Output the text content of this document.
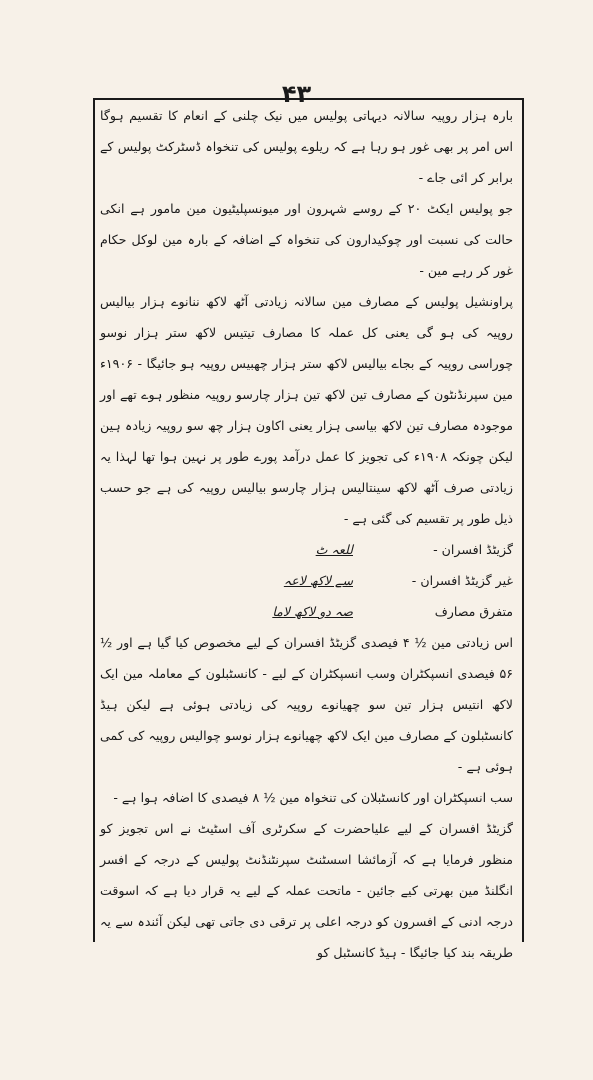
۴۳

بارہ ہزار روپیہ سالانہ دیہاتی پولیس میں نیک چلنی کے انعام کا تقسیم ہوگا اس امر پر بھی غور ہو رہا ہے کہ ریلوے پولیس کی تنخواہ ڈسٹرکٹ پولیس کے برابر کر ائی جاے -

جو پولیس ایکٹ ۲۰ کے روسے شہرون اور میونسپلیٹیون مین مامور ہے انکی حالت کی نسبت اور چوکیدارون کی تنخواہ کے اضافہ کے بارہ مین لوکل حکام غور کر رہے مین -

پراونشیل پولیس کے مصارف مین سالانہ زیادتی آٹھ لاکھ ننانوے ہزار بیالیس روپیہ کی ہو گی یعنی کل عملہ کا مصارف تیتیس لاکھ ستر ہزار نوسو چوراسی روپیہ کے بجاے بیالیس لاکھ ستر ہزار چھبیس روپیہ ہو جائیگا - ۱۹۰۶ء مین سپرنڈنٹون کے مصارف تین لاکھ تین ہزار چارسو روپیہ منظور ہوے تھے اور موجودہ مصارف تین لاکھ بیاسی ہزار یعنی اکاون ہزار چھ سو روپیہ زیادہ ہین لیکن چونکہ ۱۹۰۸ء کی تجویز کا عمل درآمد پورے طور پر نہین ہوا تھا لہذا یہ زیادتی صرف آٹھ لاکھ سینتالیس ہزار چارسو بیالیس روپیہ کی ہے جو حسب ذیل طور پر تقسیم کی گئی ہے -

گزیٹڈ افسران -
للعہ ٹ
غیر گزیٹڈ افسران -
سے لاکھ لاعہ
متفرق مصارف
صہ دو لاکھ لاما

اس زیادتی مین ½ ۴ فیصدی گزیٹڈ افسران کے لیے مخصوص کیا گیا ہے اور ½ ۵۶ فیصدی انسپکٹران وسب انسپکٹران کے لیے - کانسٹبلون کے معاملہ مین ایک لاکھ انتیس ہزار تین سو چھیانوے روپیہ کی زیادتی ہوئی ہے لیکن ہیڈ کانسٹبلون کے مصارف مین ایک لاکھ چھیانوے ہزار نوسو چوالیس روپیہ کی کمی ہوئی ہے -

سب انسپکٹران اور کانسٹبلان کی تنخواہ مین ½ ۸ فیصدی کا اضافہ ہوا ہے -

گزیٹڈ افسران کے لیے علیاحضرت کے سکرٹری آف اسٹیٹ نے اس تجویز کو منظور فرمایا ہے کہ آزمائشا اسسٹنٹ سپرنٹنڈنٹ پولیس کے درجہ کے افسر انگلنڈ مین بھرتی کیے جائین - ماتحت عملہ کے لیے یہ قرار دیا ہے کہ اسوقت درجہ ادنی کے افسرون کو درجہ اعلی پر ترقی دی جاتی تھی لیکن آئندہ سے یہ طریقہ بند کیا جائیگا - ہیڈ کانسٹبل کو
